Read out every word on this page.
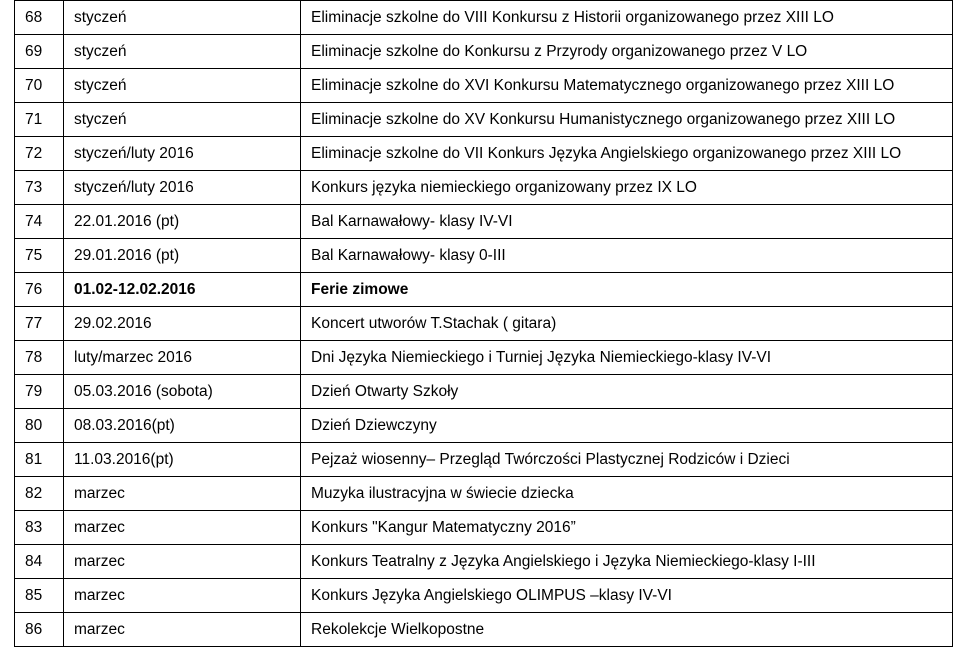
68	styczeń	Eliminacje szkolne do VIII Konkursu z Historii organizowanego przez XIII LO
69	styczeń	Eliminacje szkolne do Konkursu z Przyrody organizowanego przez V LO
70	styczeń	Eliminacje szkolne do XVI Konkursu Matematycznego organizowanego przez XIII LO
71	styczeń	Eliminacje szkolne do XV Konkursu Humanistycznego organizowanego przez XIII LO
72	styczeń/luty 2016	Eliminacje szkolne do VII Konkurs Języka Angielskiego organizowanego przez XIII LO
73	styczeń/luty 2016	Konkurs języka niemieckiego organizowany przez IX LO
74	22.01.2016 (pt)	Bal Karnawałowy- klasy IV-VI
75	29.01.2016 (pt)	Bal Karnawałowy- klasy 0-III
76	01.02-12.02.2016	Ferie zimowe
77	29.02.2016	Koncert utworów T.Stachak ( gitara)
78	luty/marzec 2016	Dni Języka Niemieckiego i Turniej Języka Niemieckiego-klasy IV-VI
79	05.03.2016 (sobota)	Dzień Otwarty Szkoły
80	08.03.2016(pt)	Dzień Dziewczyny
81	11.03.2016(pt)	Pejzaż wiosenny– Przegląd Twórczości Plastycznej Rodziców i Dzieci
82	marzec	Muzyka ilustracyjna w świecie dziecka
83	marzec	Konkurs "Kangur Matematyczny 2016”
84	marzec	Konkurs Teatralny z Języka Angielskiego i Języka Niemieckiego-klasy I-III
85	marzec	Konkurs Języka Angielskiego OLIMPUS –klasy IV-VI
86	marzec	Rekolekcje Wielkopostne
